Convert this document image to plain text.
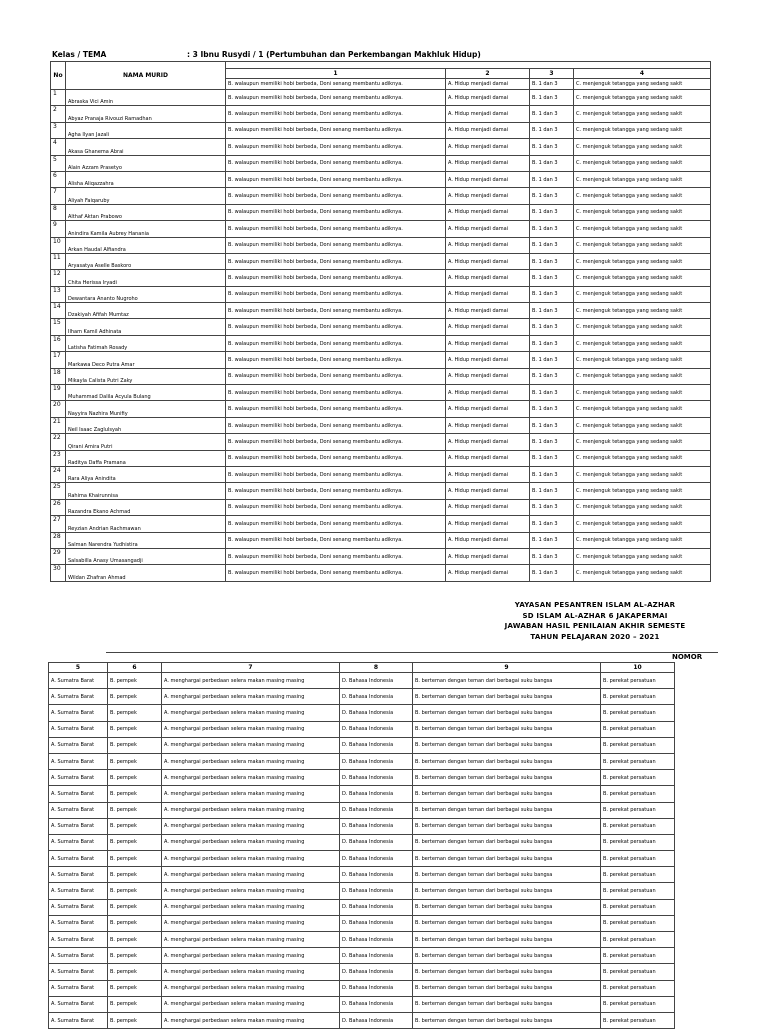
Kelas / TEMA	: 3 Ibnu Rusydi / 1 (Pertumbuhan dan Perkembangan Makhluk Hidup)
No	NAMA MURID				
		1	2	3	4
		B. walaupun memiliki hobi berbeda, Doni senang membantu adiknya.	A. Hidup menjadi damai	B. 1 dan 3	C. menjenguk tetangga yang sedang sakit
1	Abraska Vici Amin	B. walaupun memiliki hobi berbeda, Doni senang membantu adiknya.	A. Hidup menjadi damai	B. 1 dan 3	C. menjenguk tetangga yang sedang sakit
2	Abyaz Pranaja Rivouzi Ramadhan	B. walaupun memiliki hobi berbeda, Doni senang membantu adiknya.	A. Hidup menjadi damai	B. 1 dan 3	C. menjenguk tetangga yang sedang sakit
3	Agha Ilyan Jazali	B. walaupun memiliki hobi berbeda, Doni senang membantu adiknya.	A. Hidup menjadi damai	B. 1 dan 3	C. menjenguk tetangga yang sedang sakit
4	Akasa Ghanema Abrai	B. walaupun memiliki hobi berbeda, Doni senang membantu adiknya.	A. Hidup menjadi damai	B. 1 dan 3	C. menjenguk tetangga yang sedang sakit
5	Alain Azzam Prasetyo	B. walaupun memiliki hobi berbeda, Doni senang membantu adiknya.	A. Hidup menjadi damai	B. 1 dan 3	C. menjenguk tetangga yang sedang sakit
6	Alisha Aliqazzahra	B. walaupun memiliki hobi berbeda, Doni senang membantu adiknya.	A. Hidup menjadi damai	B. 1 dan 3	C. menjenguk tetangga yang sedang sakit
7	Aliyah Faiqaruby	B. walaupun memiliki hobi berbeda, Doni senang membantu adiknya.	A. Hidup menjadi damai	B. 1 dan 3	C. menjenguk tetangga yang sedang sakit
8	Althaf Aktan Prabowo	B. walaupun memiliki hobi berbeda, Doni senang membantu adiknya.	A. Hidup menjadi damai	B. 1 dan 3	C. menjenguk tetangga yang sedang sakit
9	Anindira Kamila Aubrey Hanania	B. walaupun memiliki hobi berbeda, Doni senang membantu adiknya.	A. Hidup menjadi damai	B. 1 dan 3	C. menjenguk tetangga yang sedang sakit
10	Arkan Haudal Alfiandra	B. walaupun memiliki hobi berbeda, Doni senang membantu adiknya.	A. Hidup menjadi damai	B. 1 dan 3	C. menjenguk tetangga yang sedang sakit
11	Aryasatya Aselle Baskoro	B. walaupun memiliki hobi berbeda, Doni senang membantu adiknya.	A. Hidup menjadi damai	B. 1 dan 3	C. menjenguk tetangga yang sedang sakit
12	Chita Herissa Iryadi	B. walaupun memiliki hobi berbeda, Doni senang membantu adiknya.	A. Hidup menjadi damai	B. 1 dan 3	C. menjenguk tetangga yang sedang sakit
13	Dewantara Ananto Nugroho	B. walaupun memiliki hobi berbeda, Doni senang membantu adiknya.	A. Hidup menjadi damai	B. 1 dan 3	C. menjenguk tetangga yang sedang sakit
14	Dzakiyah Afifah Mumtaz	B. walaupun memiliki hobi berbeda, Doni senang membantu adiknya.	A. Hidup menjadi damai	B. 1 dan 3	C. menjenguk tetangga yang sedang sakit
15	Ilham Kamil Adhinata	B. walaupun memiliki hobi berbeda, Doni senang membantu adiknya.	A. Hidup menjadi damai	B. 1 dan 3	C. menjenguk tetangga yang sedang sakit
16	Latisha Fatimah Rosady	B. walaupun memiliki hobi berbeda, Doni senang membantu adiknya.	A. Hidup menjadi damai	B. 1 dan 3	C. menjenguk tetangga yang sedang sakit
17	Markawa Deco Putra Amar	B. walaupun memiliki hobi berbeda, Doni senang membantu adiknya.	A. Hidup menjadi damai	B. 1 dan 3	C. menjenguk tetangga yang sedang sakit
18	Mikayla Calista Putri Zaky	B. walaupun memiliki hobi berbeda, Doni senang membantu adiknya.	A. Hidup menjadi damai	B. 1 dan 3	C. menjenguk tetangga yang sedang sakit
19	Muhammad Dalila Acyula Bulang	B. walaupun memiliki hobi berbeda, Doni senang membantu adiknya.	A. Hidup menjadi damai	B. 1 dan 3	C. menjenguk tetangga yang sedang sakit
20	Nayyira Nazhira Munifiy	B. walaupun memiliki hobi berbeda, Doni senang membantu adiknya.	A. Hidup menjadi damai	B. 1 dan 3	C. menjenguk tetangga yang sedang sakit
21	Neil Isaac Zaglulsyah	B. walaupun memiliki hobi berbeda, Doni senang membantu adiknya.	A. Hidup menjadi damai	B. 1 dan 3	C. menjenguk tetangga yang sedang sakit
22	Qirani Amira Putri	B. walaupun memiliki hobi berbeda, Doni senang membantu adiknya.	A. Hidup menjadi damai	B. 1 dan 3	C. menjenguk tetangga yang sedang sakit
23	Raditya Daffa Pramana	B. walaupun memiliki hobi berbeda, Doni senang membantu adiknya.	A. Hidup menjadi damai	B. 1 dan 3	C. menjenguk tetangga yang sedang sakit
24	Rara Aliya Anindita	B. walaupun memiliki hobi berbeda, Doni senang membantu adiknya.	A. Hidup menjadi damai	B. 1 dan 3	C. menjenguk tetangga yang sedang sakit
25	Rahima Khairunnisa	B. walaupun memiliki hobi berbeda, Doni senang membantu adiknya.	A. Hidup menjadi damai	B. 1 dan 3	C. menjenguk tetangga yang sedang sakit
26	Razandra Ekano Achmad	B. walaupun memiliki hobi berbeda, Doni senang membantu adiknya.	A. Hidup menjadi damai	B. 1 dan 3	C. menjenguk tetangga yang sedang sakit
27	Reyzian Andrian Rachmawan	B. walaupun memiliki hobi berbeda, Doni senang membantu adiknya.	A. Hidup menjadi damai	B. 1 dan 3	C. menjenguk tetangga yang sedang sakit
28	Salman Narendra Yudhistira	B. walaupun memiliki hobi berbeda, Doni senang membantu adiknya.	A. Hidup menjadi damai	B. 1 dan 3	C. menjenguk tetangga yang sedang sakit
29	Salsabilla Anasy Umasangadji	B. walaupun memiliki hobi berbeda, Doni senang membantu adiknya.	A. Hidup menjadi damai	B. 1 dan 3	C. menjenguk tetangga yang sedang sakit
30	Wildan Zhafran Ahmad	B. walaupun memiliki hobi berbeda, Doni senang membantu adiknya.	A. Hidup menjadi damai	B. 1 dan 3	C. menjenguk tetangga yang sedang sakit
YAYASAN PESANTREN ISLAM AL-AZHAR
SD ISLAM AL-AZHAR 6 JAKAPERMAI
JAWABAN HASIL PENILAIAN AKHIR SEMESTE
TAHUN PELAJARAN 2020 – 2021
NOMOR
5	6	7	8	9	10
A. Sumatra Barat	B. pempek	A. menghargai perbedaan selera makan masing masing	D. Bahasa Indonesia	B. berteman dengan teman dari berbagai suku bangsa	B. perekat persatuan
A. Sumatra Barat	B. pempek	A. menghargai perbedaan selera makan masing masing	D. Bahasa Indonesia	B. berteman dengan teman dari berbagai suku bangsa	B. perekat persatuan
A. Sumatra Barat	B. pempek	A. menghargai perbedaan selera makan masing masing	D. Bahasa Indonesia	B. berteman dengan teman dari berbagai suku bangsa	B. perekat persatuan
A. Sumatra Barat	B. pempek	A. menghargai perbedaan selera makan masing masing	D. Bahasa Indonesia	B. berteman dengan teman dari berbagai suku bangsa	B. perekat persatuan
A. Sumatra Barat	B. pempek	A. menghargai perbedaan selera makan masing masing	D. Bahasa Indonesia	B. berteman dengan teman dari berbagai suku bangsa	B. perekat persatuan
A. Sumatra Barat	B. pempek	A. menghargai perbedaan selera makan masing masing	D. Bahasa Indonesia	B. berteman dengan teman dari berbagai suku bangsa	B. perekat persatuan
A. Sumatra Barat	B. pempek	A. menghargai perbedaan selera makan masing masing	D. Bahasa Indonesia	B. berteman dengan teman dari berbagai suku bangsa	B. perekat persatuan
A. Sumatra Barat	B. pempek	A. menghargai perbedaan selera makan masing masing	D. Bahasa Indonesia	B. berteman dengan teman dari berbagai suku bangsa	B. perekat persatuan
A. Sumatra Barat	B. pempek	A. menghargai perbedaan selera makan masing masing	D. Bahasa Indonesia	B. berteman dengan teman dari berbagai suku bangsa	B. perekat persatuan
A. Sumatra Barat	B. pempek	A. menghargai perbedaan selera makan masing masing	D. Bahasa Indonesia	B. berteman dengan teman dari berbagai suku bangsa	B. perekat persatuan
A. Sumatra Barat	B. pempek	A. menghargai perbedaan selera makan masing masing	D. Bahasa Indonesia	B. berteman dengan teman dari berbagai suku bangsa	B. perekat persatuan
A. Sumatra Barat	B. pempek	A. menghargai perbedaan selera makan masing masing	D. Bahasa Indonesia	B. berteman dengan teman dari berbagai suku bangsa	B. perekat persatuan
A. Sumatra Barat	B. pempek	A. menghargai perbedaan selera makan masing masing	D. Bahasa Indonesia	B. berteman dengan teman dari berbagai suku bangsa	B. perekat persatuan
A. Sumatra Barat	B. pempek	A. menghargai perbedaan selera makan masing masing	D. Bahasa Indonesia	B. berteman dengan teman dari berbagai suku bangsa	B. perekat persatuan
A. Sumatra Barat	B. pempek	A. menghargai perbedaan selera makan masing masing	D. Bahasa Indonesia	B. berteman dengan teman dari berbagai suku bangsa	B. perekat persatuan
A. Sumatra Barat	B. pempek	A. menghargai perbedaan selera makan masing masing	D. Bahasa Indonesia	B. berteman dengan teman dari berbagai suku bangsa	B. perekat persatuan
A. Sumatra Barat	B. pempek	A. menghargai perbedaan selera makan masing masing	D. Bahasa Indonesia	B. berteman dengan teman dari berbagai suku bangsa	B. perekat persatuan
A. Sumatra Barat	B. pempek	A. menghargai perbedaan selera makan masing masing	D. Bahasa Indonesia	B. berteman dengan teman dari berbagai suku bangsa	B. perekat persatuan
A. Sumatra Barat	B. pempek	A. menghargai perbedaan selera makan masing masing	D. Bahasa Indonesia	B. berteman dengan teman dari berbagai suku bangsa	B. perekat persatuan
A. Sumatra Barat	B. pempek	A. menghargai perbedaan selera makan masing masing	D. Bahasa Indonesia	B. berteman dengan teman dari berbagai suku bangsa	B. perekat persatuan
A. Sumatra Barat	B. pempek	A. menghargai perbedaan selera makan masing masing	D. Bahasa Indonesia	B. berteman dengan teman dari berbagai suku bangsa	B. perekat persatuan
A. Sumatra Barat	B. pempek	A. menghargai perbedaan selera makan masing masing	D. Bahasa Indonesia	B. berteman dengan teman dari berbagai suku bangsa	B. perekat persatuan
